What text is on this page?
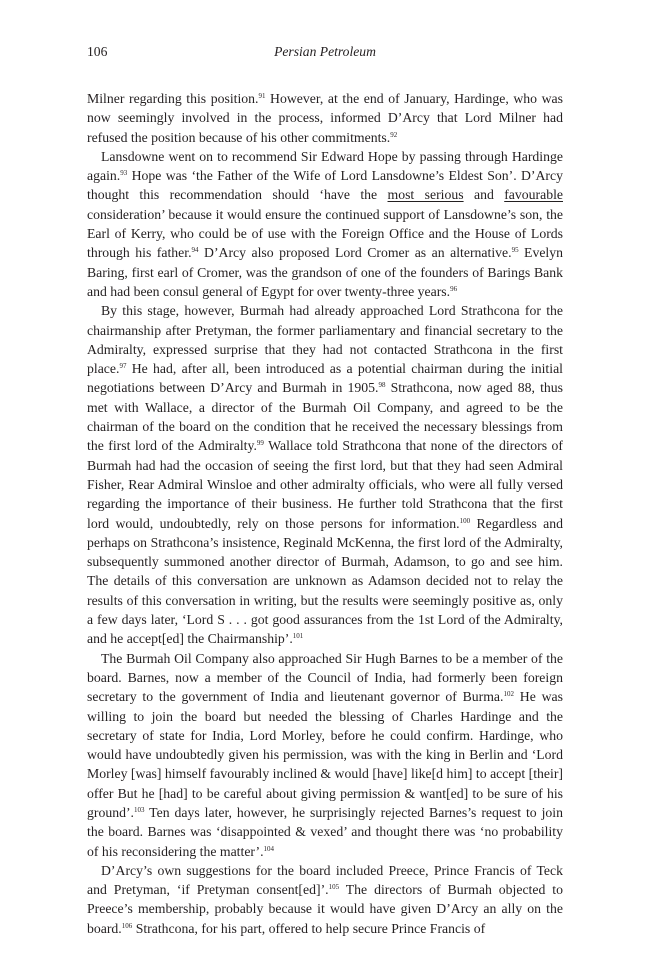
106	Persian Petroleum

Milner regarding this position.$^{91}$ However, at the end of January, Hardinge, who was now seemingly involved in the process, informed D’Arcy that Lord Milner had refused the position because of his other commitments.$^{92}$

Lansdowne went on to recommend Sir Edward Hope by passing through Hardinge again.$^{93}$ Hope was ‘the Father of the Wife of Lord Lansdowne’s Eldest Son’. D’Arcy thought this recommendation should ‘have the most serious and favourable consideration’ because it would ensure the continued support of Lansdowne’s son, the Earl of Kerry, who could be of use with the Foreign Office and the House of Lords through his father.$^{94}$ D’Arcy also proposed Lord Cromer as an alternative.$^{95}$ Evelyn Baring, first earl of Cromer, was the grandson of one of the founders of Barings Bank and had been consul general of Egypt for over twenty-three years.$^{96}$

By this stage, however, Burmah had already approached Lord Strathcona for the chairmanship after Pretyman, the former parliamentary and financial secretary to the Admiralty, expressed surprise that they had not contacted Strathcona in the first place.$^{97}$ He had, after all, been introduced as a potential chairman during the initial negotiations between D’Arcy and Burmah in 1905.98 Strathcona, now aged 88, thus met with Wallace, a director of the Burmah Oil Company, and agreed to be the chairman of the board on the condition that he received the necessary blessings from the first lord of the Admiralty.$^{99}$ Wallace told Strathcona that none of the directors of Burmah had had the occasion of seeing the first lord, but that they had seen Admiral Fisher, Rear Admiral Winsloe and other admiralty officials, who were all fully versed regarding the importance of their business. He further told Strathcona that the first lord would, undoubtedly, rely on those persons for information.$^{100}$ Regardless and perhaps on Strathcona’s insistence, Reginald McKenna, the first lord of the Admiralty, subsequently summoned another director of Burmah, Adamson, to go and see him. The details of this conversation are unknown as Adamson decided not to relay the results of this conversation in writing, but the results were seemingly positive as, only a few days later, ‘Lord S . . . got good assurances from the 1st Lord of the Admiralty, and he accept[ed] the Chairmanship’.$^{101}$

The Burmah Oil Company also approached Sir Hugh Barnes to be a member of the board. Barnes, now a member of the Council of India, had formerly been foreign secretary to the government of India and lieutenant governor of Burma.$^{102}$ He was willing to join the board but needed the blessing of Charles Hardinge and the secretary of state for India, Lord Morley, before he could confirm. Hardinge, who would have undoubtedly given his permission, was with the king in Berlin and ‘Lord Morley [was] himself favourably inclined & would [have] like[d him] to accept [their] offer But he [had] to be careful about giving permission & want[ed] to be sure of his ground’.$^{103}$ Ten days later, however, he surprisingly rejected Barnes’s request to join the board. Barnes was ‘disappointed & vexed’ and thought there was ‘no probability of his reconsidering the matter’.$^{104}$

D’Arcy’s own suggestions for the board included Preece, Prince Francis of Teck and Pretyman, ‘if Pretyman consent[ed]’.$^{105}$ The directors of Burmah objected to Preece’s membership, probably because it would have given D’Arcy an ally on the board.$^{106}$ Strathcona, for his part, offered to help secure Prince Francis of
